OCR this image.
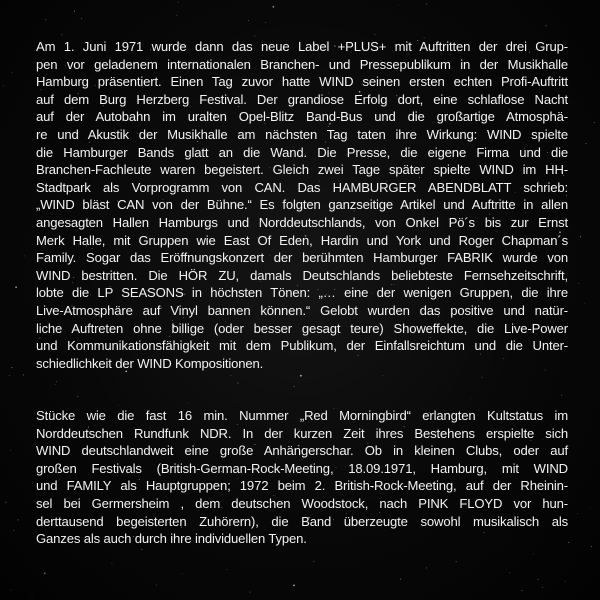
Am 1. Juni 1971 wurde dann das neue Label +PLUS+ mit Auftritten der drei Grup-
pen vor geladenem internationalen Branchen- und Pressepublikum in der Musikhalle
Hamburg präsentiert. Einen Tag zuvor hatte WIND seinen ersten echten Profi-Auftritt
auf dem Burg Herzberg Festival. Der grandiose Erfolg dort, eine schlaflose Nacht
auf der Autobahn im uralten Opel-Blitz Band-Bus und die großartige Atmosphä-
re und Akustik der Musikhalle am nächsten Tag taten ihre Wirkung: WIND spielte
die Hamburger Bands glatt an die Wand. Die Presse, die eigene Firma und die
Branchen-Fachleute waren begeistert. Gleich zwei Tage später spielte WIND im HH-
Stadtpark als Vorprogramm von CAN. Das HAMBURGER ABENDBLATT schrieb:
„WIND bläst CAN von der Bühne.“ Es folgten ganzseitige Artikel und Auftritte in allen
angesagten Hallen Hamburgs und Norddeutschlands, von Onkel Pö´s bis zur Ernst
Merk Halle, mit Gruppen wie East Of Eden, Hardin und York und Roger Chapman´s
Family. Sogar das Eröffnungskonzert der berühmten Hamburger FABRIK wurde von
WIND bestritten. Die HÖR ZU, damals Deutschlands beliebteste Fernsehzeitschrift,
lobte die LP SEASONS in höchsten Tönen: „… eine der wenigen Gruppen, die ihre
Live-Atmosphäre auf Vinyl bannen können.“ Gelobt wurden das positive und natür-
liche Auftreten ohne billige (oder besser gesagt teure) Showeffekte, die Live-Power
und Kommunikationsfähigkeit mit dem Publikum, der Einfallsreichtum und die Unter-
schiedlichkeit der WIND Kompositionen.
Stücke wie die fast 16 min. Nummer „Red Morningbird“ erlangten Kultstatus im
Norddeutschen Rundfunk NDR. In der kurzen Zeit ihres Bestehens erspielte sich
WIND deutschlandweit eine große Anhängerschar. Ob in kleinen Clubs, oder auf
großen Festivals (British-German-Rock-Meeting, 18.09.1971, Hamburg, mit WIND
und FAMILY als Hauptgruppen; 1972 beim 2. British-Rock-Meeting, auf der Rheinin-
sel bei Germersheim , dem deutschen Woodstock, nach PINK FLOYD vor hun-
derttausend begeisterten Zuhörern), die Band überzeugte sowohl musikalisch als
Ganzes als auch durch ihre individuellen Typen.
